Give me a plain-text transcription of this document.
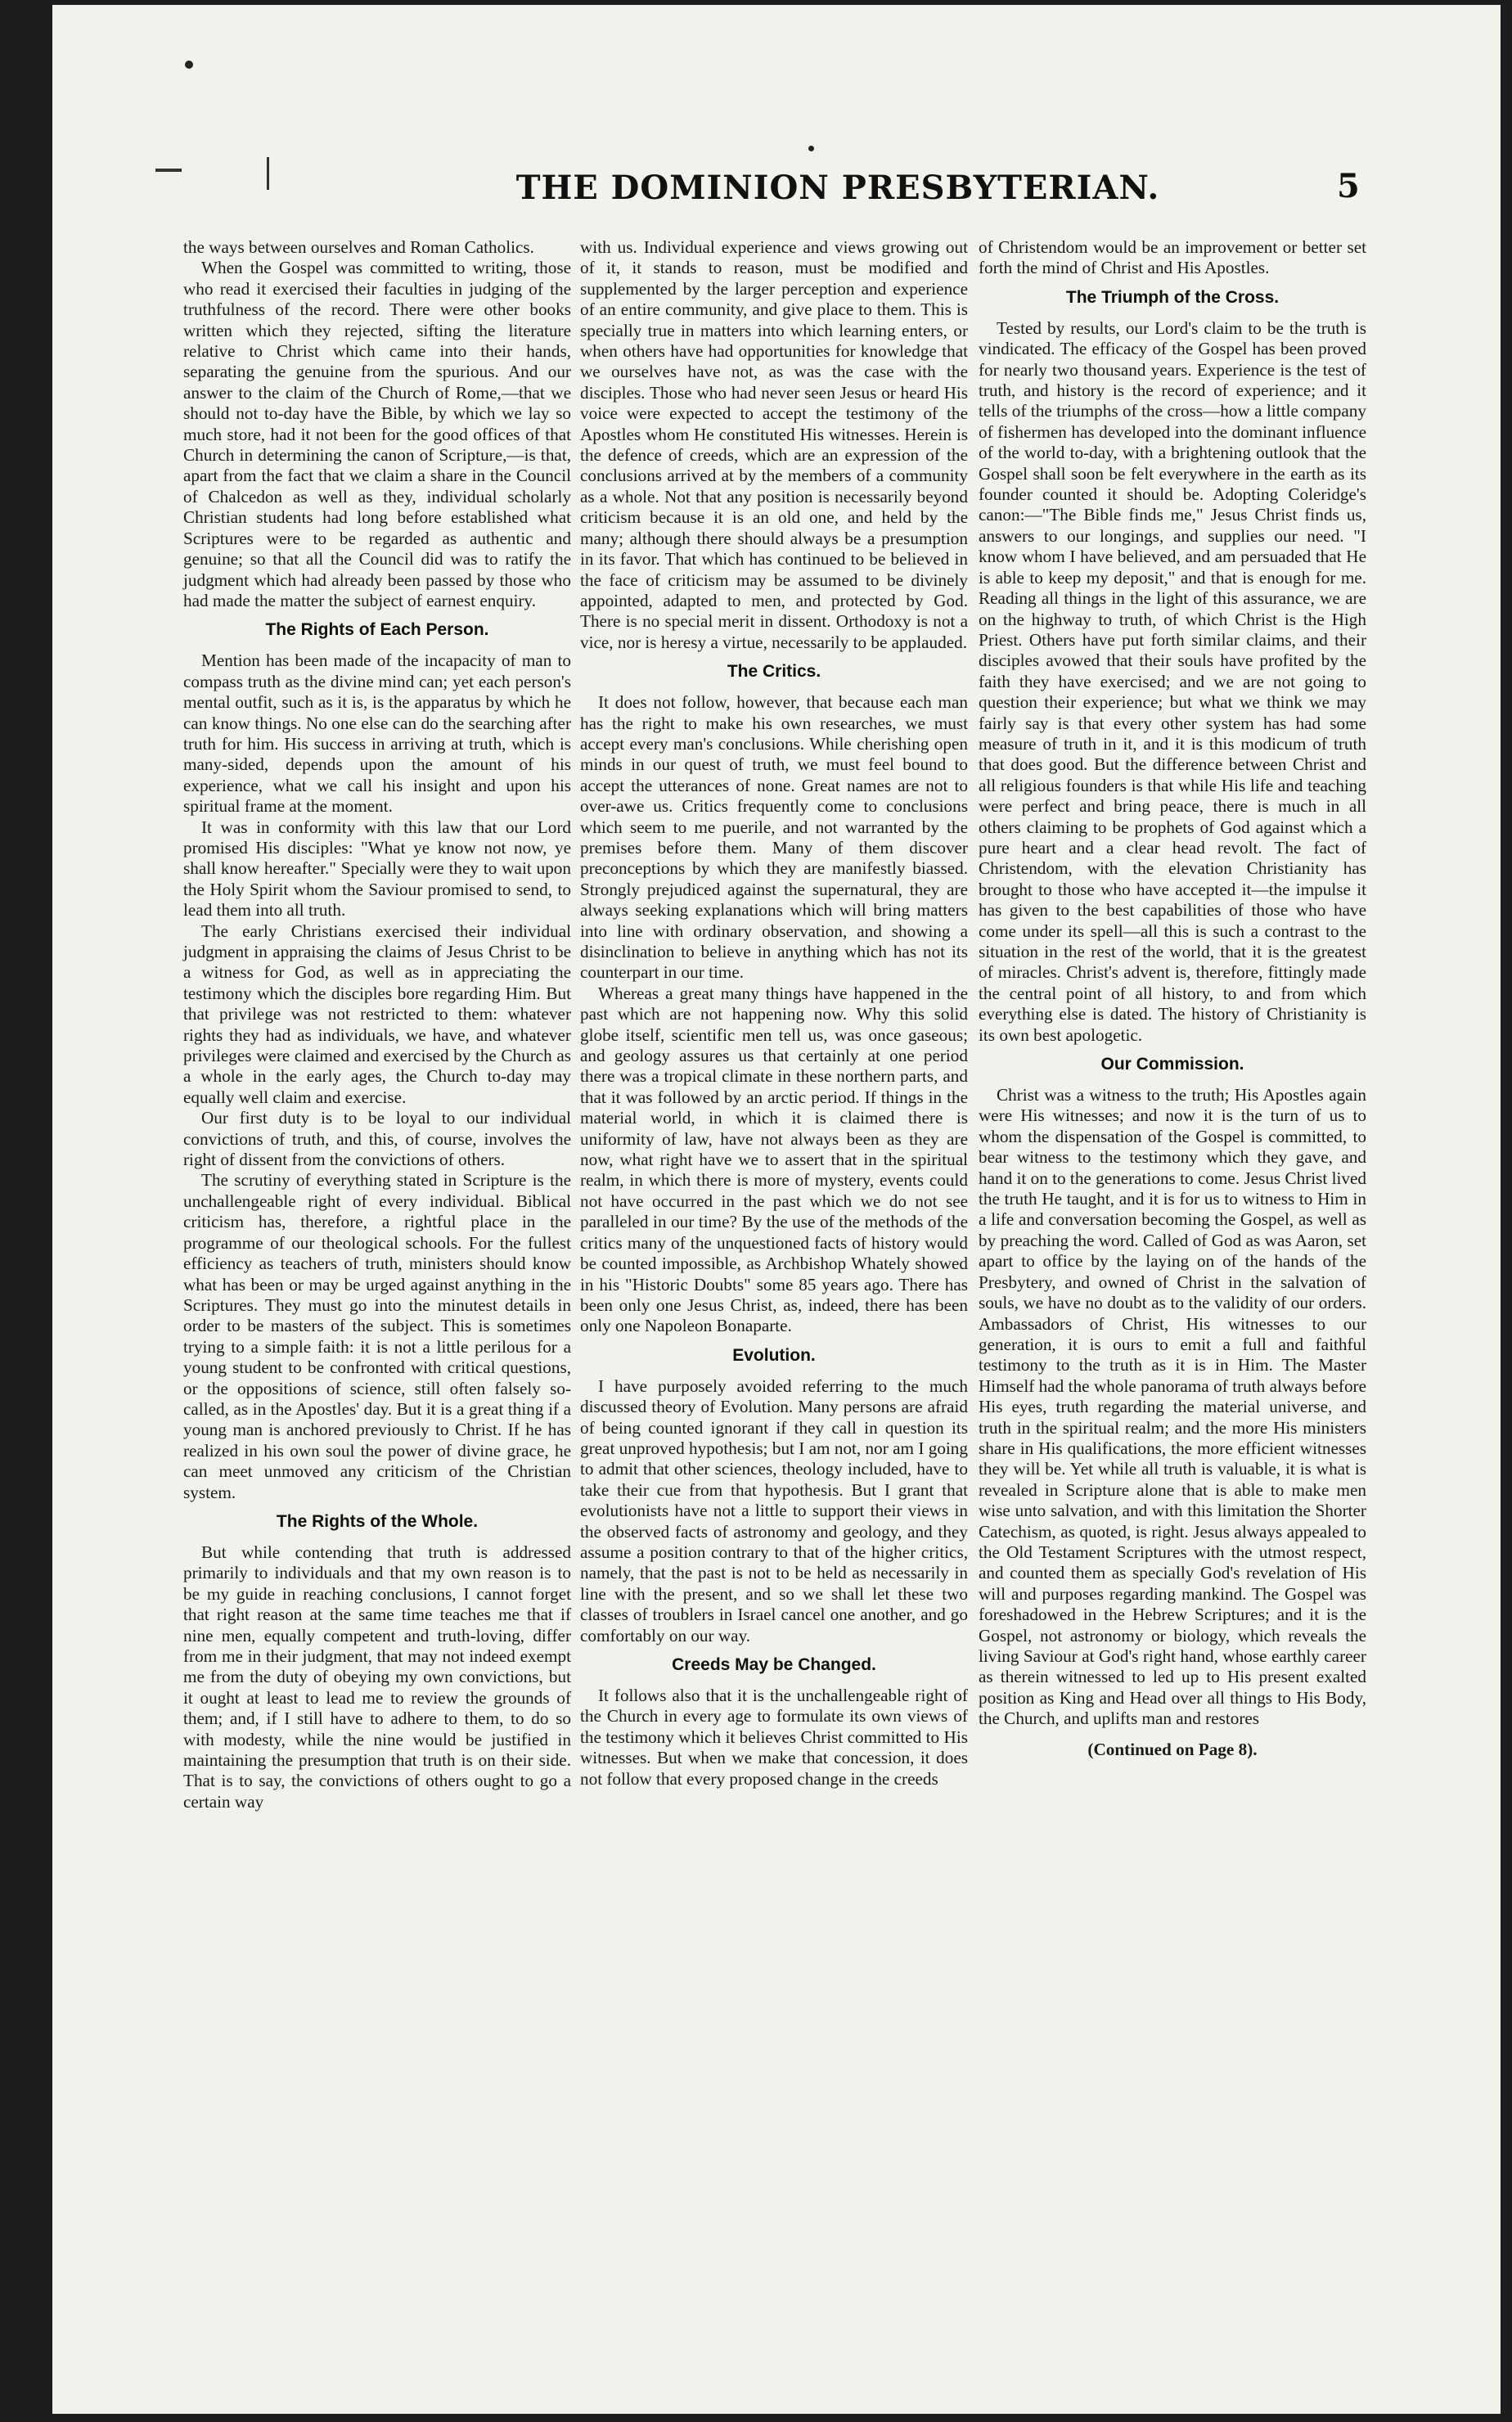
THE DOMINION PRESBYTERIAN.	5

the ways between ourselves and Roman Catholics.

When the Gospel was committed to writing, those who read it exercised their faculties in judging of the truthfulness of the record. There were other books written which they rejected, sifting the literature relative to Christ which came into their hands, separating the genuine from the spurious. And our answer to the claim of the Church of Rome,—that we should not to-day have the Bible, by which we lay so much store, had it not been for the good offices of that Church in determining the canon of Scripture,—is that, apart from the fact that we claim a share in the Council of Chalcedon as well as they, individual scholarly Christian students had long before established what Scriptures were to be regarded as authentic and genuine; so that all the Council did was to ratify the judgment which had already been passed by those who had made the matter the subject of earnest enquiry.

The Rights of Each Person.

Mention has been made of the incapacity of man to compass truth as the divine mind can; yet each person's mental outfit, such as it is, is the apparatus by which he can know things. No one else can do the searching after truth for him. His success in arriving at truth, which is many-sided, depends upon the amount of his experience, what we call his insight and upon his spiritual frame at the moment.

It was in conformity with this law that our Lord promised His disciples: "What ye know not now, ye shall know hereafter." Specially were they to wait upon the Holy Spirit whom the Saviour promised to send, to lead them into all truth.

The early Christians exercised their individual judgment in appraising the claims of Jesus Christ to be a witness for God, as well as in appreciating the testimony which the disciples bore regarding Him. But that privilege was not restricted to them: whatever rights they had as individuals, we have, and whatever privileges were claimed and exercised by the Church as a whole in the early ages, the Church to-day may equally well claim and exercise.

Our first duty is to be loyal to our individual convictions of truth, and this, of course, involves the right of dissent from the convictions of others.

The scrutiny of everything stated in Scripture is the unchallengeable right of every individual. Biblical criticism has, therefore, a rightful place in the programme of our theological schools. For the fullest efficiency as teachers of truth, ministers should know what has been or may be urged against anything in the Scriptures. They must go into the minutest details in order to be masters of the subject. This is sometimes trying to a simple faith: it is not a little perilous for a young student to be confronted with critical questions, or the oppositions of science, still often falsely so-called, as in the Apostles' day. But it is a great thing if a young man is anchored previously to Christ. If he has realized in his own soul the power of divine grace, he can meet unmoved any criticism of the Christian system.

The Rights of the Whole.

But while contending that truth is addressed primarily to individuals and that my own reason is to be my guide in reaching conclusions, I cannot forget that right reason at the same time teaches me that if nine men, equally competent and truth-loving, differ from me in their judgment, that may not indeed exempt me from the duty of obeying my own convictions, but it ought at least to lead me to review the grounds of them; and, if I still have to adhere to them, to do so with modesty, while the nine would be justified in maintaining the presumption that truth is on their side. That is to say, the convictions of others ought to go a certain way

with us. Individual experience and views growing out of it, it stands to reason, must be modified and supplemented by the larger perception and experience of an entire community, and give place to them. This is specially true in matters into which learning enters, or when others have had opportunities for knowledge that we ourselves have not, as was the case with the disciples. Those who had never seen Jesus or heard His voice were expected to accept the testimony of the Apostles whom He constituted His witnesses. Herein is the defence of creeds, which are an expression of the conclusions arrived at by the members of a community as a whole. Not that any position is necessarily beyond criticism because it is an old one, and held by the many; although there should always be a presumption in its favor. That which has continued to be believed in the face of criticism may be assumed to be divinely appointed, adapted to men, and protected by God. There is no special merit in dissent. Orthodoxy is not a vice, nor is heresy a virtue, necessarily to be applauded.

The Critics.

It does not follow, however, that because each man has the right to make his own researches, we must accept every man's conclusions. While cherishing open minds in our quest of truth, we must feel bound to accept the utterances of none. Great names are not to over-awe us. Critics frequently come to conclusions which seem to me puerile, and not warranted by the premises before them. Many of them discover preconceptions by which they are manifestly biassed. Strongly prejudiced against the supernatural, they are always seeking explanations which will bring matters into line with ordinary observation, and showing a disinclination to believe in anything which has not its counterpart in our time.

Whereas a great many things have happened in the past which are not happening now. Why this solid globe itself, scientific men tell us, was once gaseous; and geology assures us that certainly at one period there was a tropical climate in these northern parts, and that it was followed by an arctic period. If things in the material world, in which it is claimed there is uniformity of law, have not always been as they are now, what right have we to assert that in the spiritual realm, in which there is more of mystery, events could not have occurred in the past which we do not see paralleled in our time? By the use of the methods of the critics many of the unquestioned facts of history would be counted impossible, as Archbishop Whately showed in his "Historic Doubts" some 85 years ago. There has been only one Jesus Christ, as, indeed, there has been only one Napoleon Bonaparte.

Evolution.

I have purposely avoided referring to the much discussed theory of Evolution. Many persons are afraid of being counted ignorant if they call in question its great unproved hypothesis; but I am not, nor am I going to admit that other sciences, theology included, have to take their cue from that hypothesis. But I grant that evolutionists have not a little to support their views in the observed facts of astronomy and geology, and they assume a position contrary to that of the higher critics, namely, that the past is not to be held as necessarily in line with the present, and so we shall let these two classes of troublers in Israel cancel one another, and go comfortably on our way.

Creeds May be Changed.

It follows also that it is the unchallengeable right of the Church in every age to formulate its own views of the testimony which it believes Christ committed to His witnesses. But when we make that concession, it does not follow that every proposed change in the creeds

of Christendom would be an improvement or better set forth the mind of Christ and His Apostles.

The Triumph of the Cross.

Tested by results, our Lord's claim to be the truth is vindicated. The efficacy of the Gospel has been proved for nearly two thousand years. Experience is the test of truth, and history is the record of experience; and it tells of the triumphs of the cross—how a little company of fishermen has developed into the dominant influence of the world to-day, with a brightening outlook that the Gospel shall soon be felt everywhere in the earth as its founder counted it should be. Adopting Coleridge's canon:—"The Bible finds me," Jesus Christ finds us, answers to our longings, and supplies our need. "I know whom I have believed, and am persuaded that He is able to keep my deposit," and that is enough for me. Reading all things in the light of this assurance, we are on the highway to truth, of which Christ is the High Priest. Others have put forth similar claims, and their disciples avowed that their souls have profited by the faith they have exercised; and we are not going to question their experience; but what we think we may fairly say is that every other system has had some measure of truth in it, and it is this modicum of truth that does good. But the difference between Christ and all religious founders is that while His life and teaching were perfect and bring peace, there is much in all others claiming to be prophets of God against which a pure heart and a clear head revolt. The fact of Christendom, with the elevation Christianity has brought to those who have accepted it—the impulse it has given to the best capabilities of those who have come under its spell—all this is such a contrast to the situation in the rest of the world, that it is the greatest of miracles. Christ's advent is, therefore, fittingly made the central point of all history, to and from which everything else is dated. The history of Christianity is its own best apologetic.

Our Commission.

Christ was a witness to the truth; His Apostles again were His witnesses; and now it is the turn of us to whom the dispensation of the Gospel is committed, to bear witness to the testimony which they gave, and hand it on to the generations to come. Jesus Christ lived the truth He taught, and it is for us to witness to Him in a life and conversation becoming the Gospel, as well as by preaching the word. Called of God as was Aaron, set apart to office by the laying on of the hands of the Presbytery, and owned of Christ in the salvation of souls, we have no doubt as to the validity of our orders. Ambassadors of Christ, His witnesses to our generation, it is ours to emit a full and faithful testimony to the truth as it is in Him. The Master Himself had the whole panorama of truth always before His eyes, truth regarding the material universe, and truth in the spiritual realm; and the more His ministers share in His qualifications, the more efficient witnesses they will be. Yet while all truth is valuable, it is what is revealed in Scripture alone that is able to make men wise unto salvation, and with this limitation the Shorter Catechism, as quoted, is right. Jesus always appealed to the Old Testament Scriptures with the utmost respect, and counted them as specially God's revelation of His will and purposes regarding mankind. The Gospel was foreshadowed in the Hebrew Scriptures; and it is the Gospel, not astronomy or biology, which reveals the living Saviour at God's right hand, whose earthly career as therein witnessed to led up to His present exalted position as King and Head over all things to His Body, the Church, and uplifts man and restores

(Continued on Page 8).
